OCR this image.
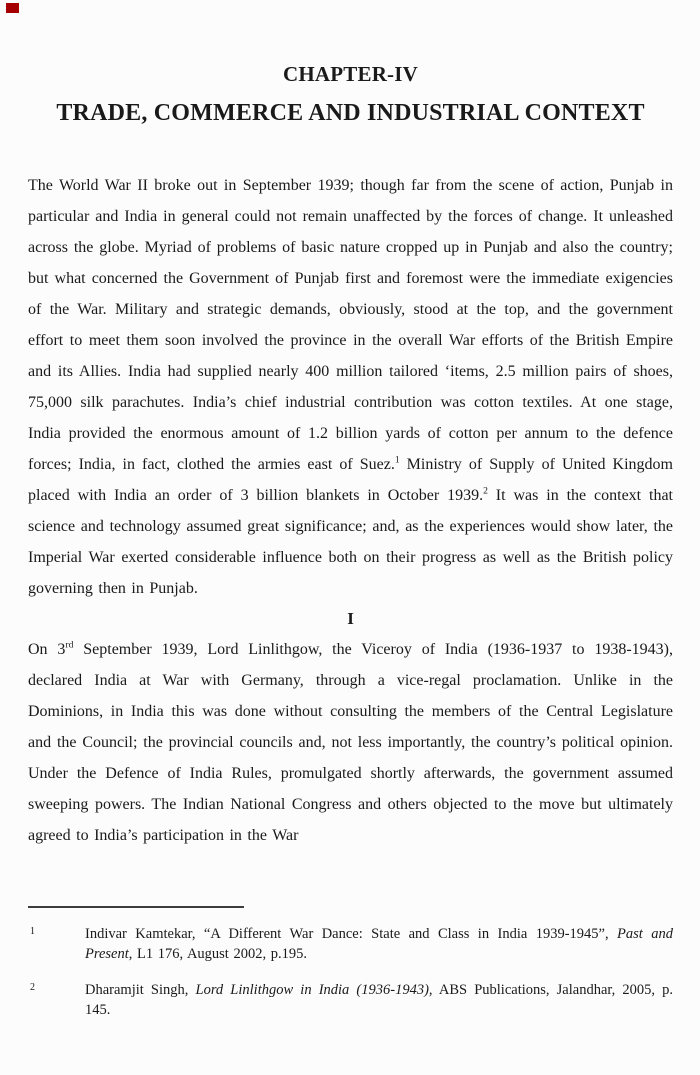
CHAPTER-IV
TRADE, COMMERCE AND INDUSTRIAL CONTEXT

The World War II broke out in September 1939; though far from the scene of action, Punjab in particular and India in general could not remain unaffected by the forces of change. It unleashed across the globe. Myriad of problems of basic nature cropped up in Punjab and also the country; but what concerned the Government of Punjab first and foremost were the immediate exigencies of the War. Military and strategic demands, obviously, stood at the top, and the government effort to meet them soon involved the province in the overall War efforts of the British Empire and its Allies. India had supplied nearly 400 million tailored ‘items, 2.5 million pairs of shoes, 75,000 silk parachutes. India’s chief industrial contribution was cotton textiles. At one stage, India provided the enormous amount of 1.2 billion yards of cotton per annum to the defence forces; India, in fact, clothed the armies east of Suez.$^1$ Ministry of Supply of United Kingdom placed with India an order of 3 billion blankets in October 1939.$^2$ It was in the context that science and technology assumed great significance; and, as the experiences would show later, the Imperial War exerted considerable influence both on their progress as well as the British policy governing then in Punjab.

I

On 3rd September 1939, Lord Linlithgow, the Viceroy of India (1936-1937 to 1938-1943), declared India at War with Germany, through a vice-regal proclamation. Unlike in the Dominions, in India this was done without consulting the members of the Central Legislature and the Council; the provincial councils and, not less importantly, the country’s political opinion. Under the Defence of India Rules, promulgated shortly afterwards, the government assumed sweeping powers. The Indian National Congress and others objected to the move but ultimately agreed to India’s participation in the War

1	Indivar Kamtekar, “A Different War Dance: State and Class in India 1939-1945”, Past and Present, L1 176, August 2002, p.195.
2	Dharamjit Singh, Lord Linlithgow in India (1936-1943), ABS Publications, Jalandhar, 2005, p. 145.
